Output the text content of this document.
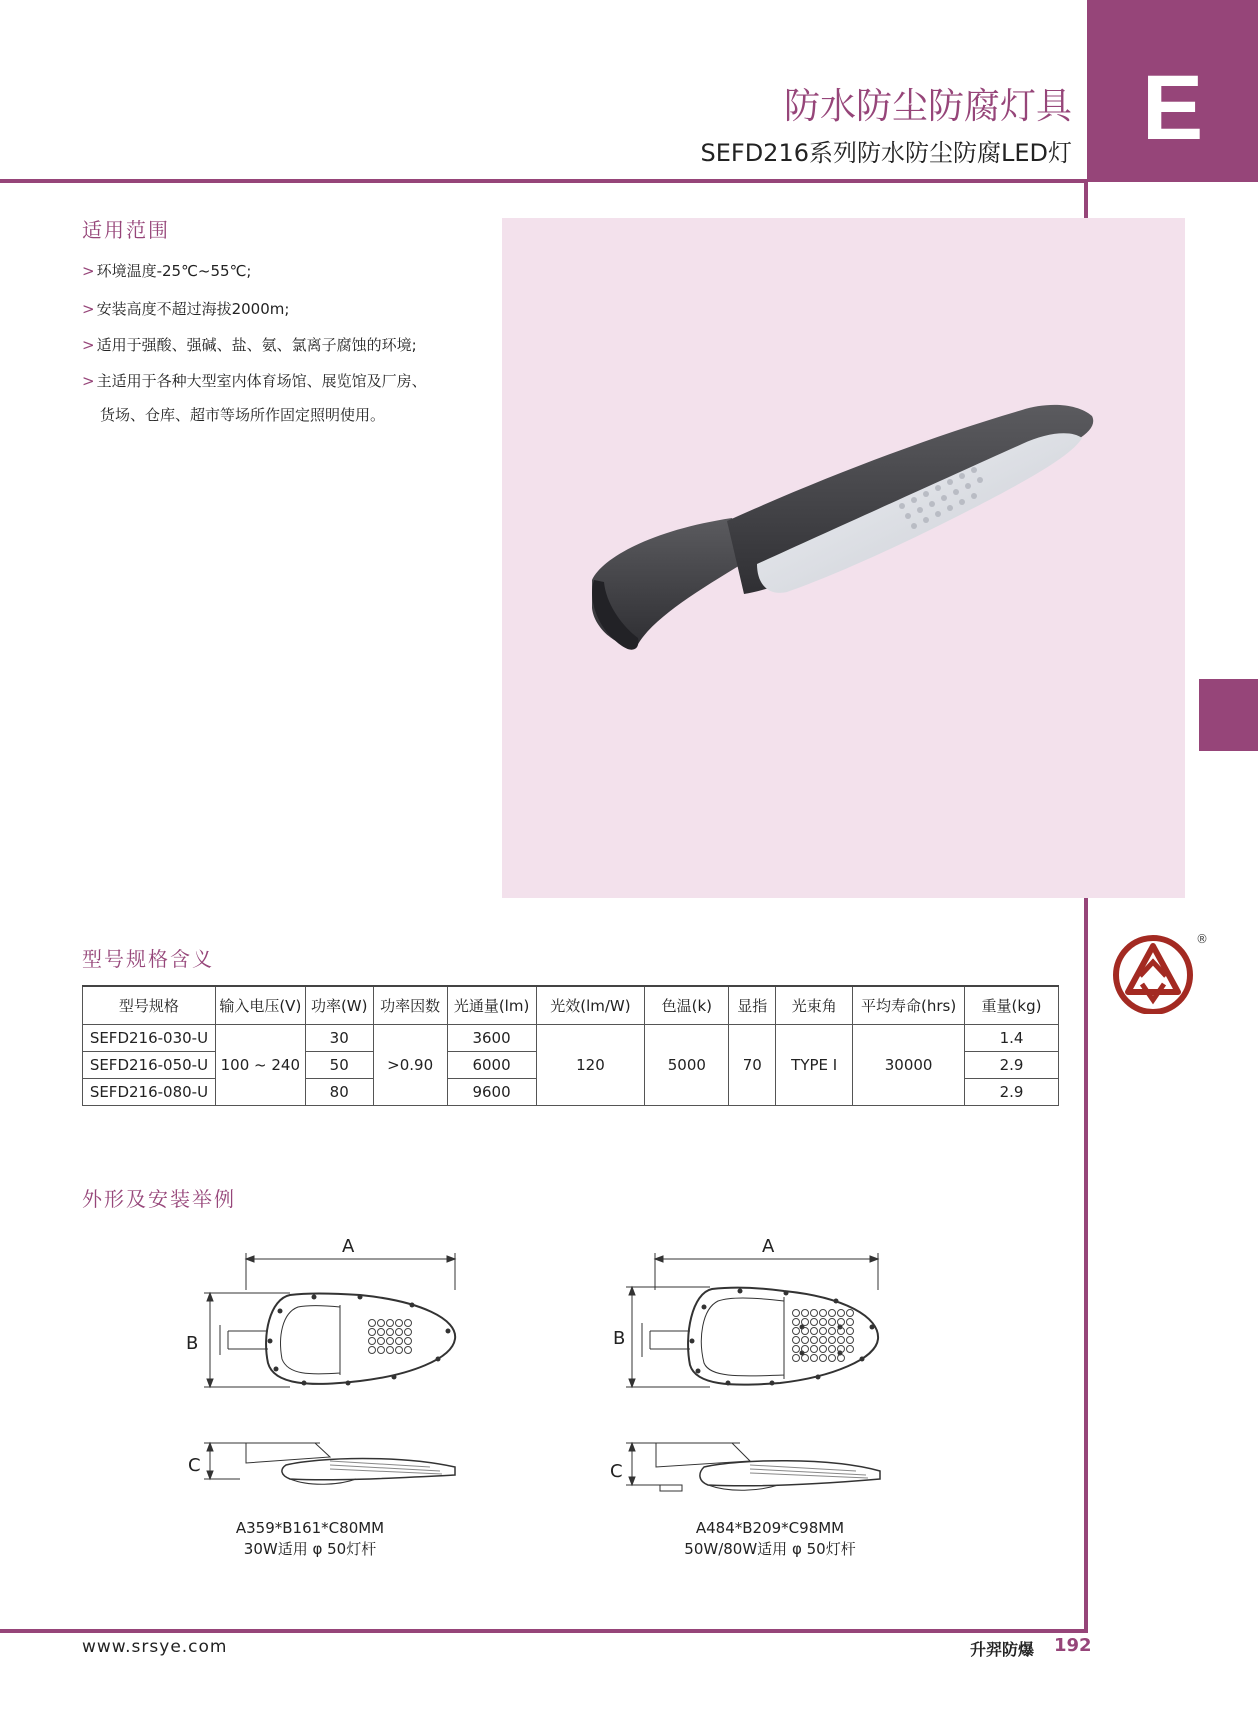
E
防水防尘防腐灯具
SEFD216系列防水防尘防腐LED灯
适用范围
> 环境温度-25℃~55℃;
> 安装高度不超过海拔2000m;
> 适用于强酸、强碱、盐、氨、氯离子腐蚀的环境;
> 主适用于各种大型室内体育场馆、展览馆及厂房、
货场、仓库、超市等场所作固定照明使用。
型号规格含义
型号规格	输入电压(V)	功率(W)	功率因数	光通量(lm)	光效(lm/W)	色温(k)	显指	光束角	平均寿命(hrs)	重量(kg)
SEFD216-030-U	100 ~ 240	30	>0.90	3600	120	5000	70	TYPE Ⅰ	30000	1.4
SEFD216-050-U		50		6000						2.9
SEFD216-080-U		80		9600						2.9
®
外形及安装举例
A
B
C
A359*B161*C80MM
30W适用 φ 50灯杆
A
B
C
A484*B209*C98MM
50W/80W适用 φ 50灯杆
www.srsye.com	升羿防爆 192
